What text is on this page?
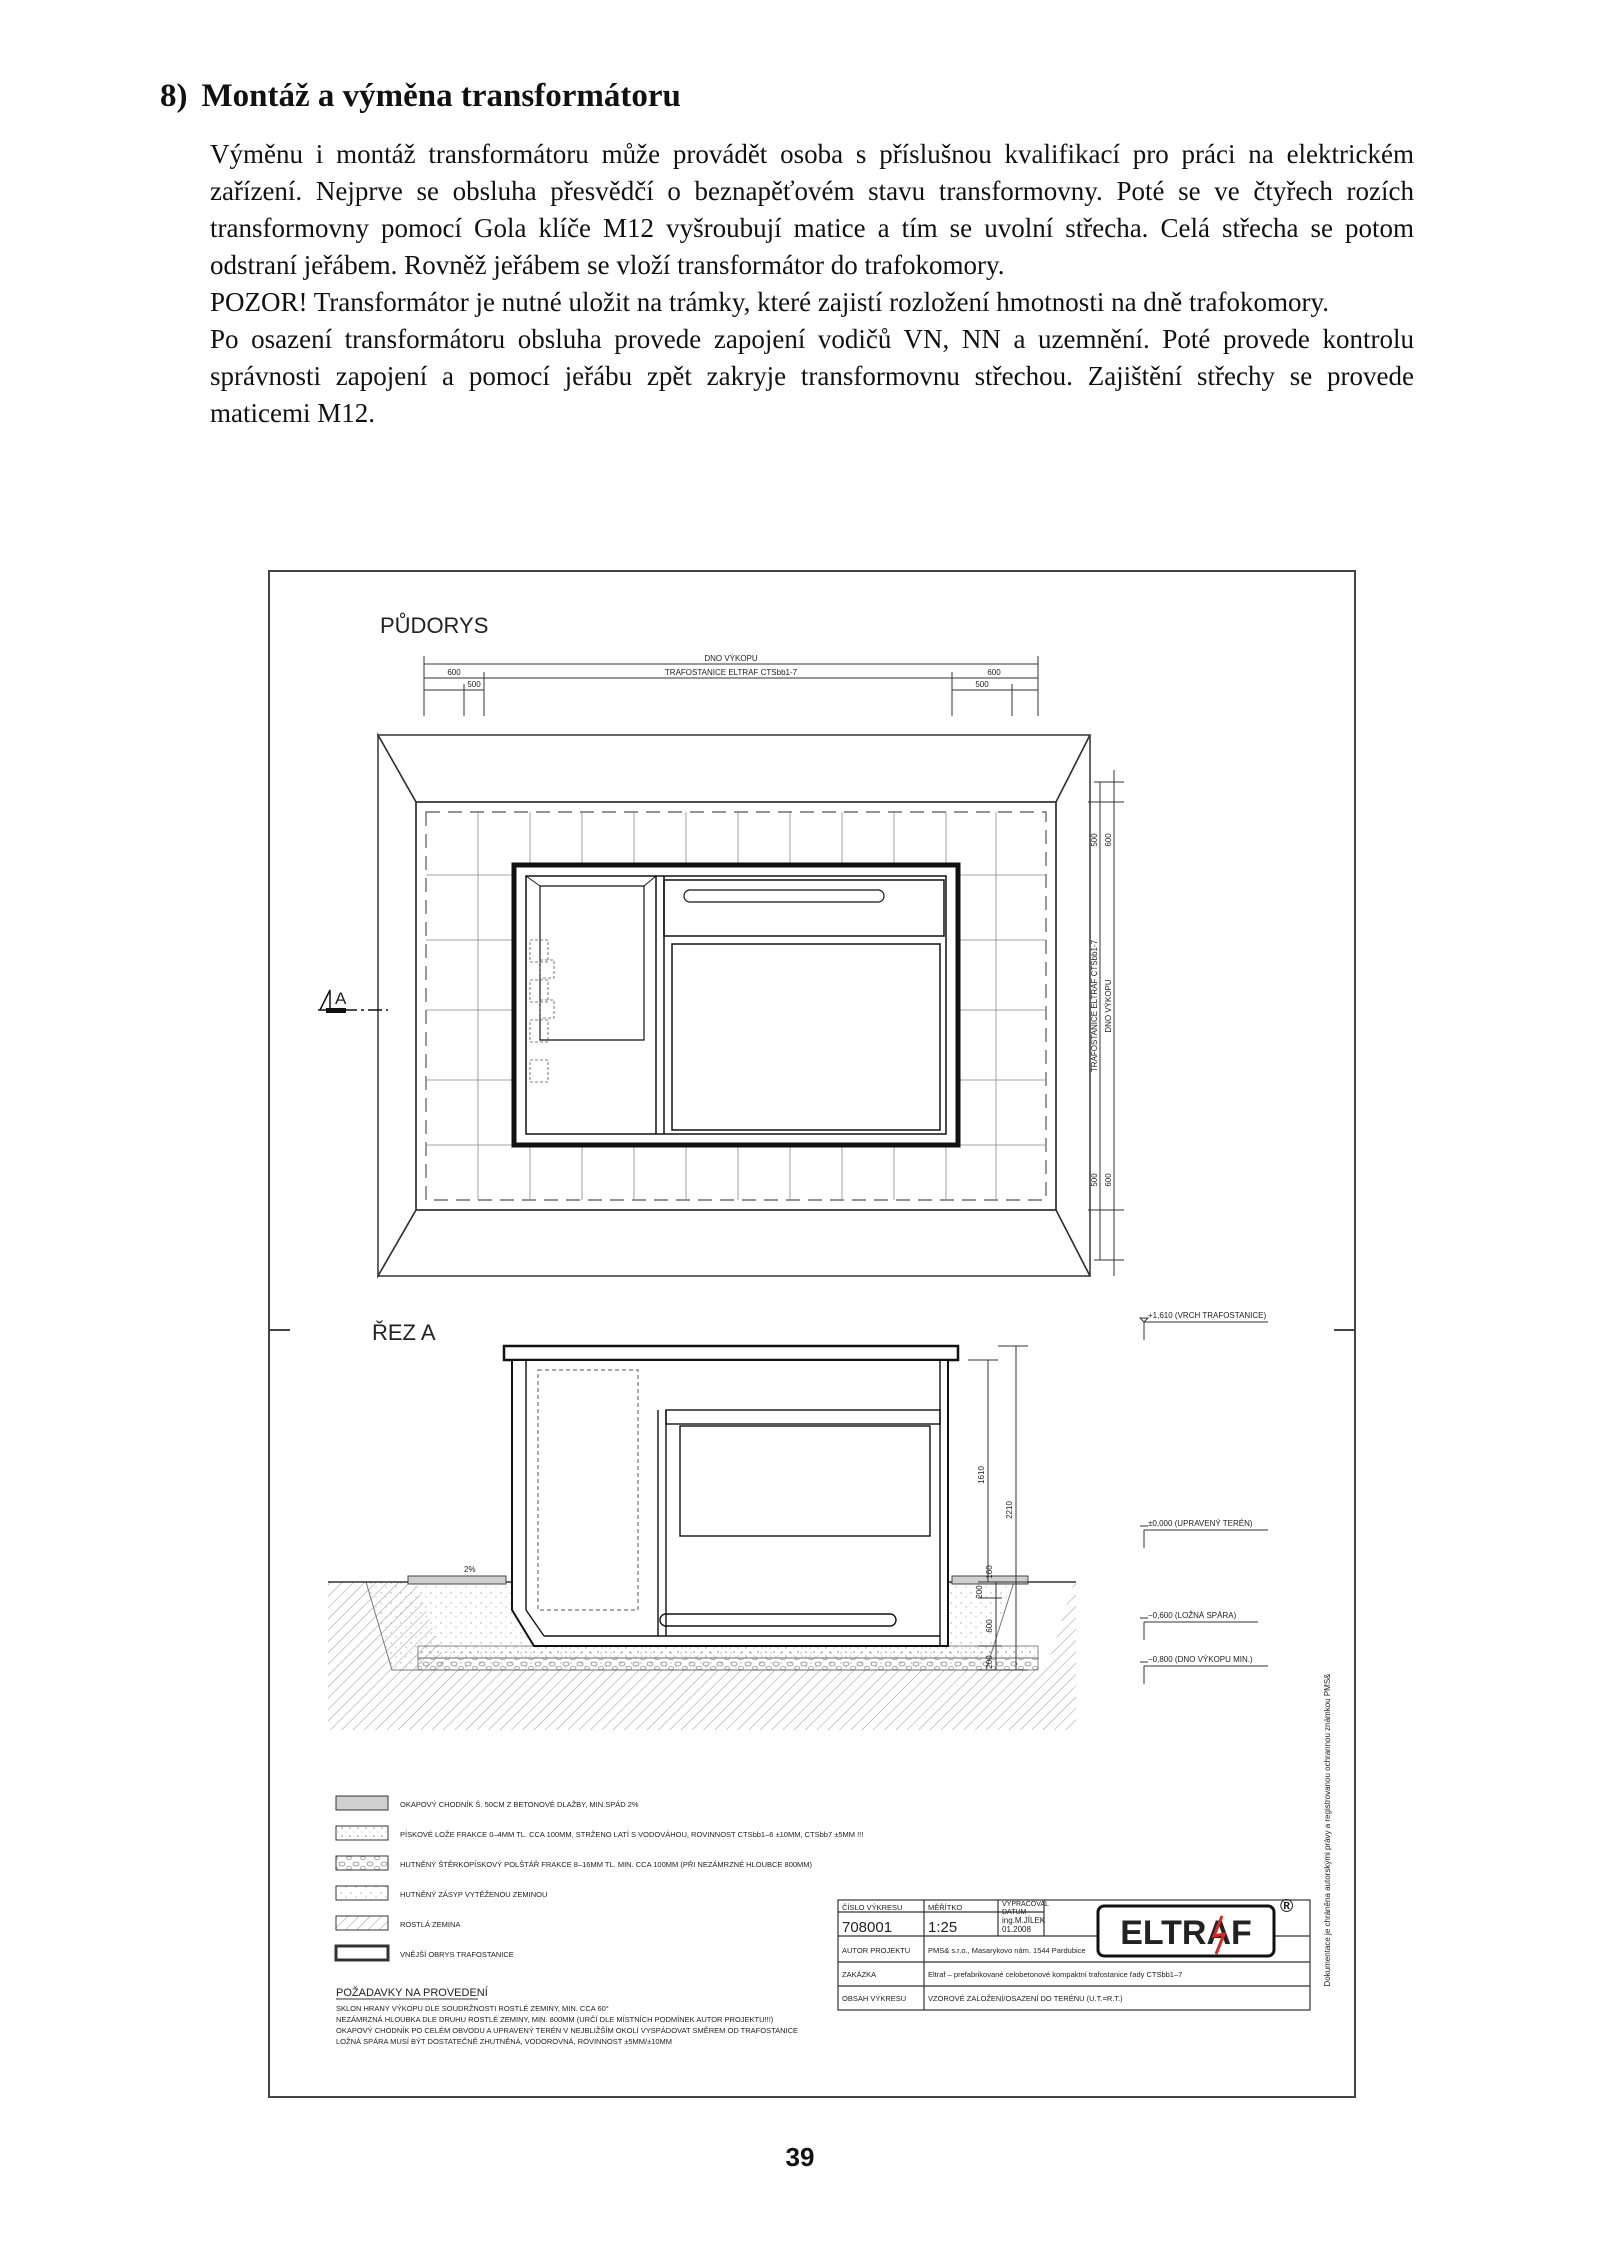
8) Montáž a výměna transformátoru

Výměnu i montáž transformátoru může provádět osoba s příslušnou kvalifikací pro práci na elektrickém zařízení. Nejprve se obsluha přesvědčí o beznapěťovém stavu transformovny. Poté se ve čtyřech rozích transformovny pomocí Gola klíče M12 vyšroubují matice a tím se uvolní střecha. Celá střecha se potom odstraní jeřábem. Rovněž jeřábem se vloží transformátor do trafokomory.

POZOR! Transformátor je nutné uložit na trámky, které zajistí rozložení hmotnosti na dně trafokomory.

Po osazení transformátoru obsluha provede zapojení vodičů VN, NN a uzemnění. Poté provede kontrolu správnosti zapojení a pomocí jeřábu zpět zakryje transformovnu střechou. Zajištění střechy se provede maticemi M12.

PŮDORYS
DNO VÝKOPU
TRAFOSTANICE ELTRAF CTSbb1-7
600
500
600
500
A
500 600
TRAFOSTANICE ELTRAF CTSbb1-7 DNO VÝKOPU
500 600
ŘEZ A
2%
1610
2210
160
200
600
200
+1,610 (VRCH TRAFOSTANICE)
±0,000 (UPRAVENÝ TERÉN)
−0,600 (LOŽNÁ SPÁRA)
−0,800 (DNO VÝKOPU MIN.)
OKAPOVÝ CHODNÍK Š. 50CM Z BETONOVÉ DLAŽBY, MIN.SPÁD 2%
PÍSKOVÉ LOŽE FRAKCE 0–4MM TL. CCA 100MM, STRŽENO LATÍ S VODOVÁHOU, ROVINNOST CTSbb1–6 ±10MM, CTSbb7 ±5MM !!!
HUTNĚNÝ ŠTĚRKOPÍSKOVÝ POLŠTÁŘ FRAKCE 8–16MM TL. MIN. CCA 100MM (PŘI NEZÁMRZNÉ HLOUBCE 800MM)
HUTNĚNÝ ZÁSYP VYTĚŽENOU ZEMINOU
ROSTLÁ ZEMINA
VNĚJŠÍ OBRYS TRAFOSTANICE
POŽADAVKY NA PROVEDENÍ
SKLON HRANY VÝKOPU DLE SOUDRŽNOSTI ROSTLÉ ZEMINY, MIN. CCA 60°
NEZÁMRZNÁ HLOUBKA DLE DRUHU ROSTLÉ ZEMINY, MIN. 800MM (URČÍ DLE MÍSTNÍCH PODMÍNEK AUTOR PROJEKTU!!!)
OKAPOVÝ CHODNÍK PO CELÉM OBVODU A UPRAVENÝ TERÉN V NEJBLIŽŠÍM OKOLÍ VYSPÁDOVAT SMĚREM OD TRAFOSTANICE
LOŽNÁ SPÁRA MUSÍ BÝT DOSTATEČNĚ ZHUTNĚNÁ, VODOROVNÁ, ROVINNOST ±5MM/±10MM
ČÍSLO VÝKRESU	MĚŘÍTKO	VYPRACOVAL
DATUM
708001 1:25	ing.M.JÍLEK
01.2008	ELTRAF
®
AUTOR PROJEKTU PMS& s.r.o., Masarykovo nám. 1544 Pardubice
ZAKÁZKA	Eltraf – prefabrikované celobetonové kompaktní trafostanice řady CTSbb1–7
OBSAH VÝKRESU	VZOROVÉ ZALOŽENÍ/OSAZENÍ DO TERÉNU (U.T.=R.T.)
Dokumentace je chráněna autorskými právy a registrovanou ochrannou známkou PMS&
39
